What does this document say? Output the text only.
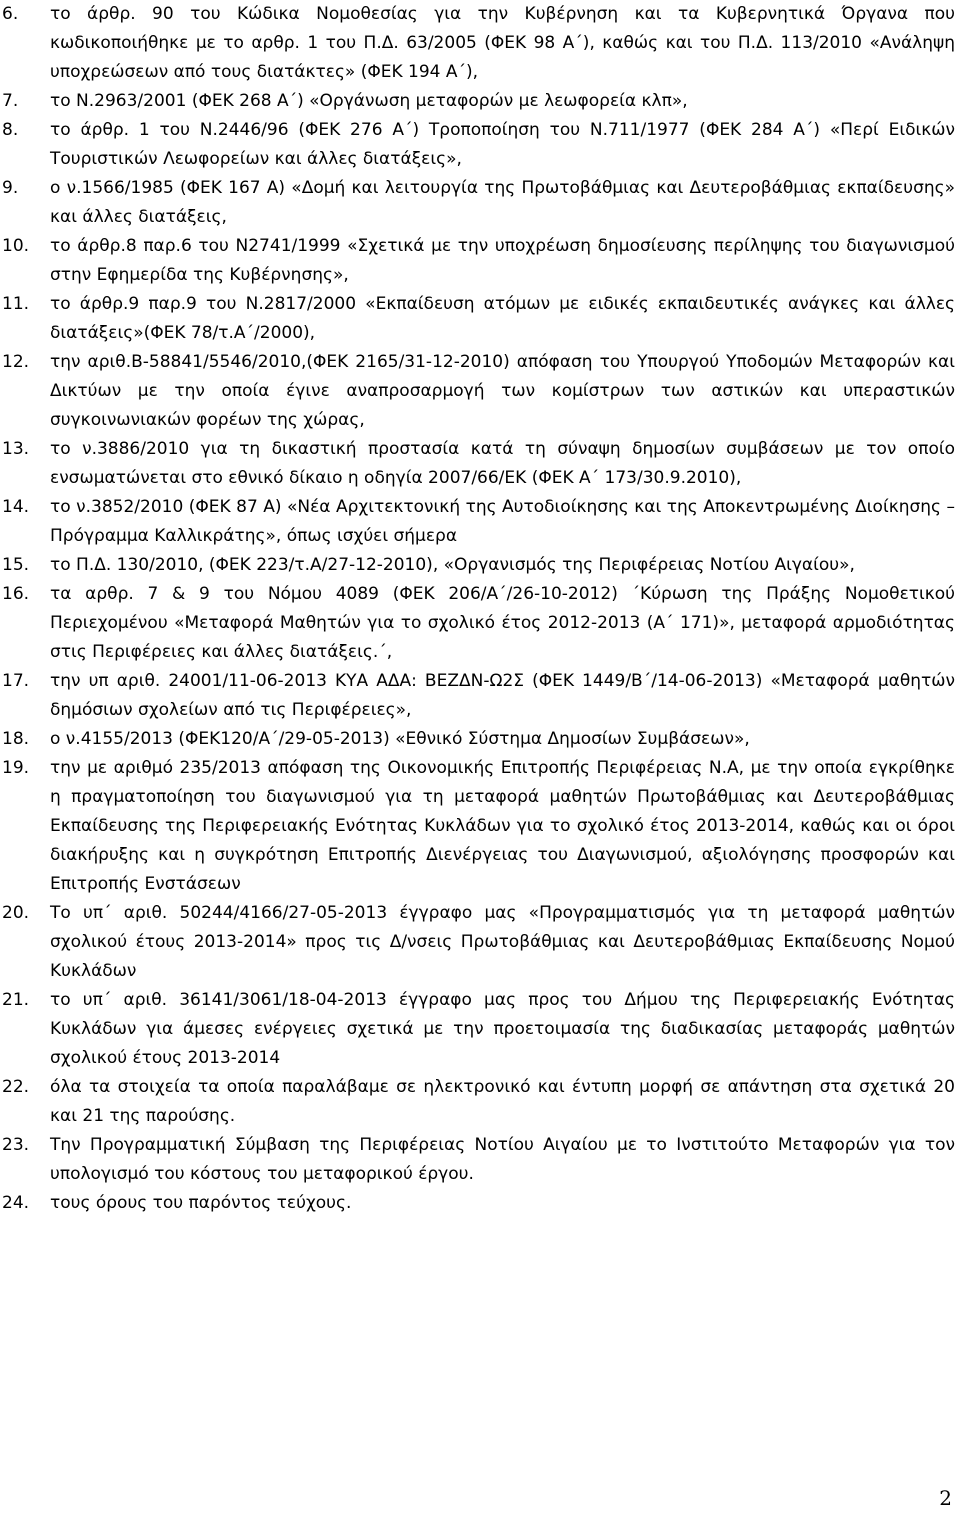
6.	το άρθρ. 90 του Κώδικα Νομοθεσίας για την Κυβέρνηση και τα Κυβερνητικά Όργανα που κωδικοποιήθηκε με το αρθρ. 1 του Π.Δ. 63/2005 (ΦΕΚ 98 Α΄), καθώς και του Π.Δ. 113/2010 «Ανάληψη υποχρεώσεων από τους διατάκτες» (ΦΕΚ 194 Α΄),
7.	το Ν.2963/2001 (ΦΕΚ 268 Α΄) «Οργάνωση μεταφορών με λεωφορεία κλπ»,
8.	το άρθρ. 1 του Ν.2446/96 (ΦΕΚ 276 Α΄) Τροποποίηση του Ν.711/1977 (ΦΕΚ 284 Α΄) «Περί Ειδικών Τουριστικών Λεωφορείων και άλλες διατάξεις»,
9.	ο ν.1566/1985 (ΦΕΚ 167 Α) «Δομή και λειτουργία της Πρωτοβάθμιας και Δευτεροβάθμιας εκπαίδευσης» και άλλες διατάξεις,
10.	το άρθρ.8 παρ.6 του Ν2741/1999 «Σχετικά με την υποχρέωση δημοσίευσης περίληψης του διαγωνισμού στην Εφημερίδα της Κυβέρνησης»,
11.	το άρθρ.9 παρ.9 του Ν.2817/2000 «Εκπαίδευση ατόμων με ειδικές εκπαιδευτικές ανάγκες και άλλες διατάξεις»(ΦΕΚ 78/τ.Α΄/2000),
12.	την αριθ.Β-58841/5546/2010,(ΦΕΚ 2165/31-12-2010) απόφαση του Υπουργού Υποδομών Μεταφορών και Δικτύων με την οποία έγινε αναπροσαρμογή των κομίστρων των αστικών και υπεραστικών συγκοινωνιακών φορέων της χώρας,
13.	το ν.3886/2010 για τη δικαστική προστασία κατά τη σύναψη δημοσίων συμβάσεων με τον οποίο ενσωματώνεται στο εθνικό δίκαιο η οδηγία 2007/66/ΕΚ (ΦΕΚ Α΄ 173/30.9.2010),
14.	το ν.3852/2010 (ΦΕΚ 87 Α) «Νέα Αρχιτεκτονική της Αυτοδιοίκησης και της Αποκεντρωμένης Διοίκησης – Πρόγραμμα Καλλικράτης», όπως ισχύει σήμερα
15.	το Π.Δ. 130/2010, (ΦΕΚ 223/τ.Α/27-12-2010), «Οργανισμός της Περιφέρειας Νοτίου Αιγαίου»,
16.	τα αρθρ. 7 & 9 του Νόμου 4089 (ΦΕΚ 206/Α΄/26-10-2012) ΄Κύρωση της Πράξης Νομοθετικού Περιεχομένου «Μεταφορά Μαθητών για το σχολικό έτος 2012-2013 (Α΄ 171)», μεταφορά αρμοδιότητας στις Περιφέρειες και άλλες διατάξεις.΄,
17.	την υπ αριθ. 24001/11-06-2013 ΚΥΑ ΑΔΑ: ΒΕΖΔΝ-Ω2Σ (ΦΕΚ 1449/Β΄/14-06-2013) «Μεταφορά μαθητών δημόσιων σχολείων από τις Περιφέρειες»,
18.	ο ν.4155/2013 (ΦΕΚ120/Α΄/29-05-2013) «Εθνικό Σύστημα Δημοσίων Συμβάσεων»,
19.	την με αριθμό 235/2013 απόφαση της Οικονομικής Επιτροπής Περιφέρειας Ν.Α, με την οποία εγκρίθηκε η πραγματοποίηση του διαγωνισμού για τη μεταφορά μαθητών Πρωτοβάθμιας και Δευτεροβάθμιας Εκπαίδευσης της Περιφερειακής Ενότητας Κυκλάδων για το σχολικό έτος 2013-2014, καθώς και οι όροι διακήρυξης και η συγκρότηση Επιτροπής Διενέργειας του Διαγωνισμού, αξιολόγησης προσφορών και Επιτροπής Ενστάσεων
20.	Το υπ΄ αριθ. 50244/4166/27-05-2013 έγγραφο μας «Προγραμματισμός για τη μεταφορά μαθητών σχολικού έτους 2013-2014» προς τις Δ/νσεις Πρωτοβάθμιας και Δευτεροβάθμιας Εκπαίδευσης Νομού Κυκλάδων
21.	το υπ΄ αριθ. 36141/3061/18-04-2013 έγγραφο μας προς του Δήμου της Περιφερειακής Ενότητας Κυκλάδων για άμεσες ενέργειες σχετικά με την προετοιμασία της διαδικασίας μεταφοράς μαθητών σχολικού έτους 2013-2014
22.	όλα τα στοιχεία τα οποία παραλάβαμε σε ηλεκτρονικό και έντυπη μορφή σε απάντηση στα σχετικά 20 και 21 της παρούσης.
23.	Την Προγραμματική Σύμβαση της Περιφέρειας Νοτίου Αιγαίου με το Ινστιτούτο Μεταφορών για τον υπολογισμό του κόστους του μεταφορικού έργου.
24.	τους όρους του παρόντος τεύχους.
2
